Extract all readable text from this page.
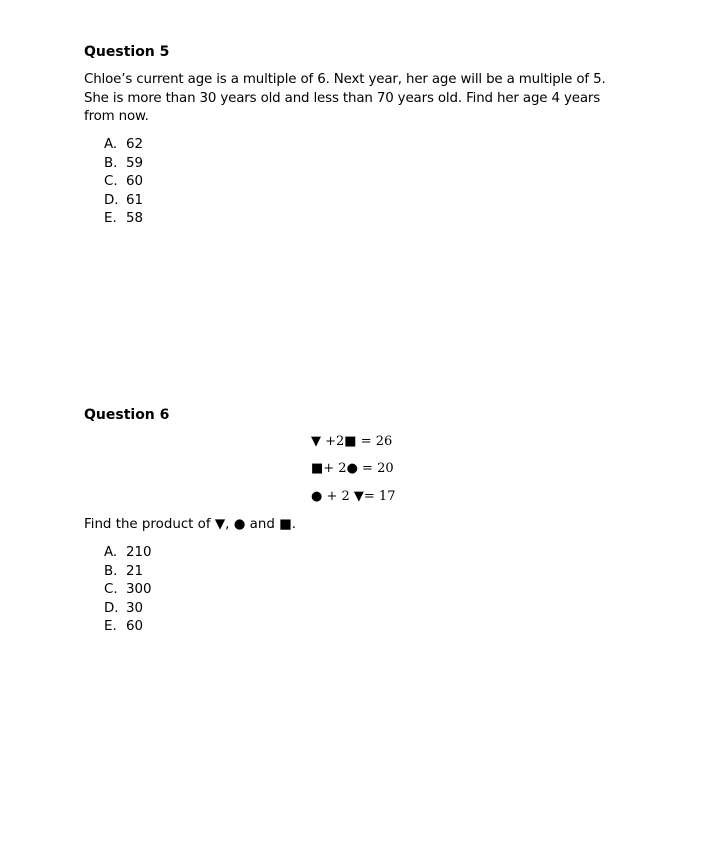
Question 5
Chloe’s current age is a multiple of 6. Next year, her age will be a multiple of 5. She is more than 30 years old and less than 70 years old. Find her age 4 years from now.
A. 62
B. 59
C. 60
D. 61
E. 58
Question 6
▼ +2■ = 26
■+ 2● = 20
● + 2 ▼= 17
Find the product of ▼, ● and ■.
A. 210
B. 21
C. 300
D. 30
E. 60
